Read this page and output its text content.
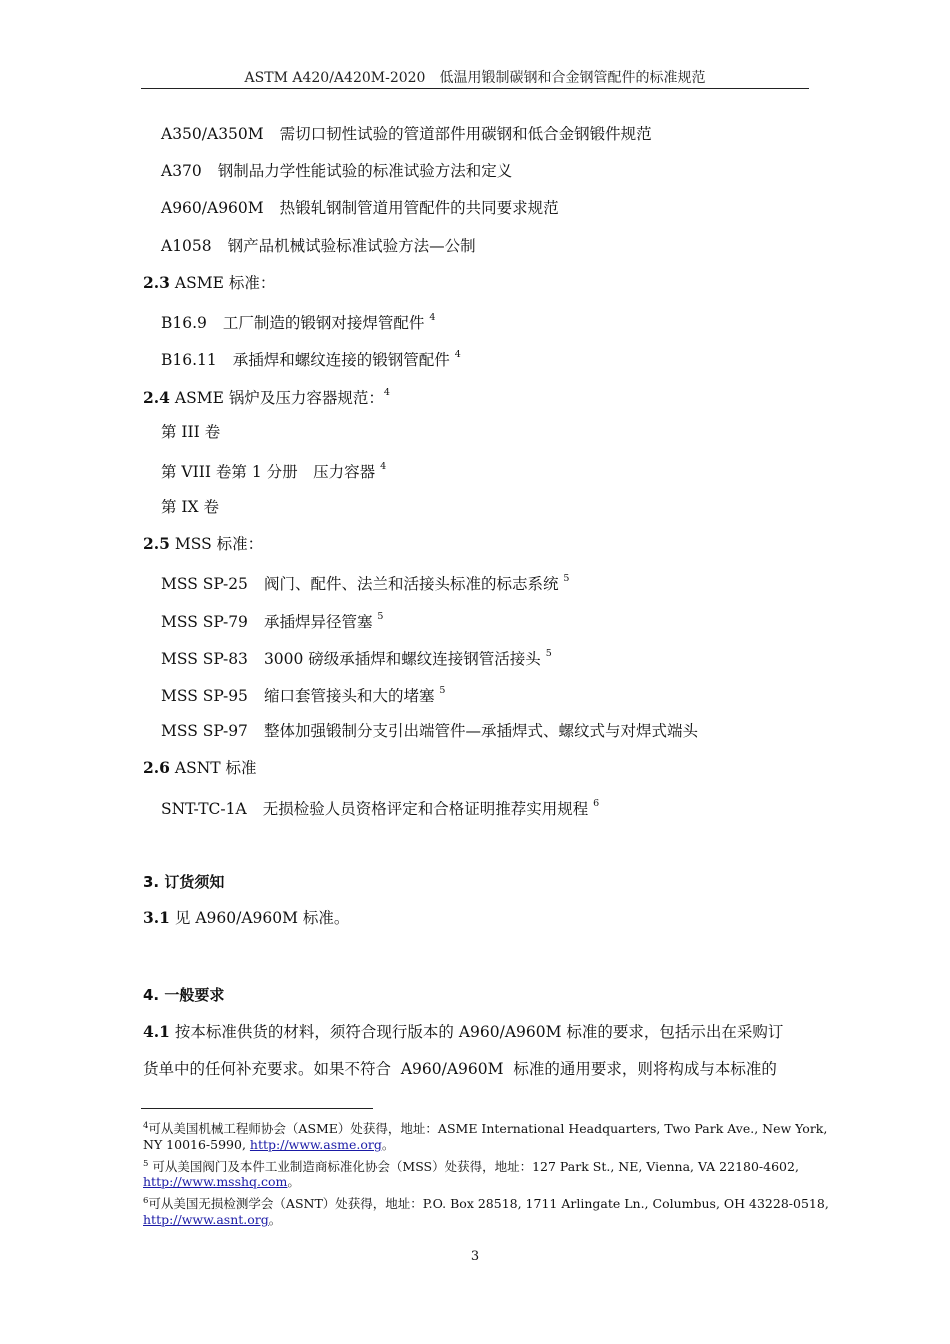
ASTM A420/A420M-2020　低温用锻制碳钢和合金钢管配件的标准规范
A350/A350M 需切口韧性试验的管道部件用碳钢和低合金钢锻件规范
A370 钢制品力学性能试验的标准试验方法和定义
A960/A960M 热锻轧钢制管道用管配件的共同要求规范
A1058 钢产品机械试验标准试验方法—公制
2.3 ASME 标准：
B16.9 工厂制造的锻钢对接焊管配件 $^4$
B16.11 承插焊和螺纹连接的锻钢管配件 $^4$
2.4 ASME 锅炉及压力容器规范：$^4$
第 III 卷
第 VIII 卷第 1 分册　压力容器 $^4$
第 IX 卷
2.5 MSS 标准：
MSS SP-25 阀门、配件、法兰和活接头标准的标志系统 $^5$
MSS SP-79 承插焊异径管塞 $^5$
MSS SP-83 3000 磅级承插焊和螺纹连接钢管活接头 $^5$
MSS SP-95 缩口套管接头和大的堵塞 $^5$
MSS SP-97 整体加强锻制分支引出端管件—承插焊式、螺纹式与对焊式端头
2.6 ASNT 标准
SNT-TC-1A 无损检验人员资格评定和合格证明推荐实用规程 $^6$
3. 订货须知
3.1 见 A960/A960M 标准。
4. 一般要求
4.1 按本标准供货的材料，须符合现行版本的 A960/A960M 标准的要求，包括示出在采购订
货单中的任何补充要求。如果不符合  A960/A960M  标准的通用要求，则将构成与本标准的
$^4$可从美国机械工程师协会（ASME）处获得，地址：ASME International Headquarters, Two Park Ave., New York,
NY 10016-5990, http://www.asme.org。
$^5$ 可从美国阀门及本件工业制造商标准化协会（MSS）处获得，地址：127 Park St., NE, Vienna, VA 22180-4602,
http://www.msshq.com。
$^6$可从美国无损检测学会（ASNT）处获得，地址：P.O. Box 28518, 1711 Arlingate Ln., Columbus, OH 43228-0518,
http://www.asnt.org。
3
